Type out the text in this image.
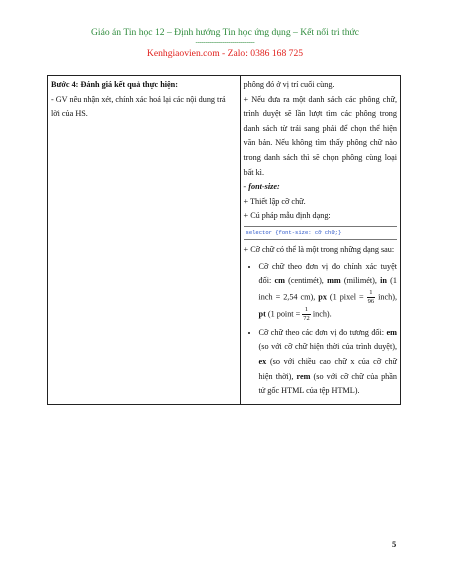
Giáo án Tin học 12 – Định hướng Tin học ứng dụng – Kết nối tri thức
-----------------------------
Kenhgiaovien.com - Zalo: 0386 168 725
Bước 4: Đánh giá kết quả thực hiện:
- GV nêu nhận xét, chính xác hoá lại các nội dung trả lời của HS.

phông đó ở vị trí cuối cùng.
+ Nếu đưa ra một danh sách các phông chữ, trình duyệt sẽ lần lượt tìm các phông trong danh sách từ trái sang phải để chọn thể hiện văn bản. Nếu không tìm thấy phông chữ nào trong danh sách thì sẽ chọn phông cùng loại bất kì.
- font-size:
+ Thiết lập cỡ chữ.
+ Cú pháp mẫu định dạng:
selector {font-size: cỡ chữ;}
+ Cỡ chữ có thể là một trong những dạng sau:
• Cỡ chữ theo đơn vị đo chính xác tuyệt đối: cm (centimét), mm (milimét), in (1 inch = 2,54 cm), px (1 pixel = $\frac{1}{96}$ inch), pt (1 point = $\frac{1}{72}$ inch).
• Cỡ chữ theo các đơn vị đo tương đối: em (so với cỡ chữ hiện thời của trình duyệt), ex (so với chiều cao chữ x của cỡ chữ hiện thời), rem (so với cỡ chữ của phần tử gốc HTML của tệp HTML).
5
